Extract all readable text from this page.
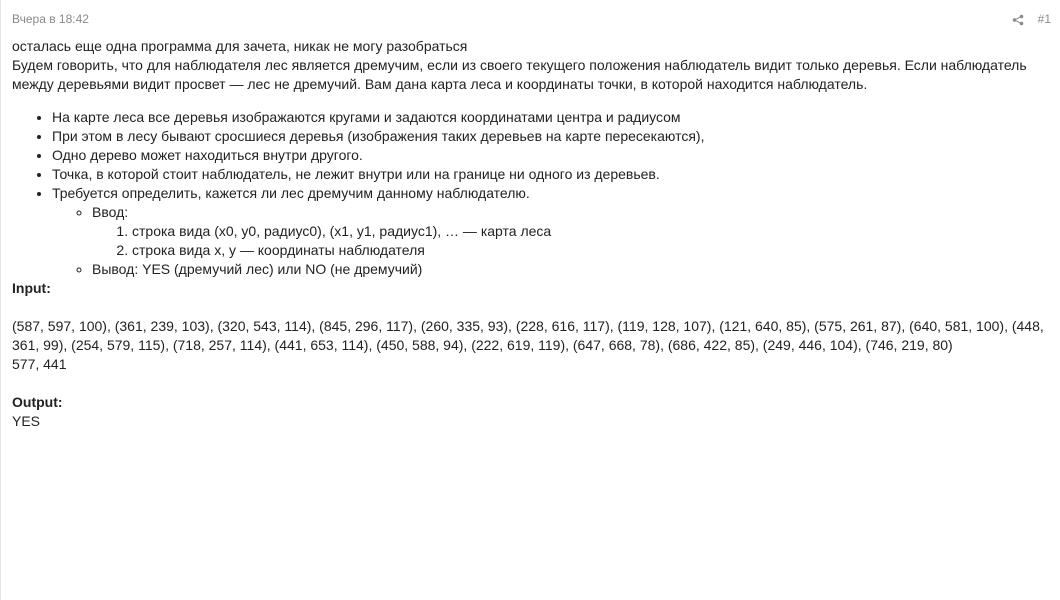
Вчера в 18:42	#1

осталась еще одна программа для зачета, никак не могу разобраться

Будем говорить, что для наблюдателя лес является дремучим, если из своего текущего положения наблюдатель видит только деревья. Если наблюдатель между деревьями видит просвет — лес не дремучий. Вам дана карта леса и координаты точки, в которой находится наблюдатель.

• На карте леса все деревья изображаются кругами и задаются координатами центра и радиусом
• При этом в лесу бывают сросшиеся деревья (изображения таких деревьев на карте пересекаются),
• Одно дерево может находиться внутри другого.
• Точка, в которой стоит наблюдатель, не лежит внутри или на границе ни одного из деревьев.
• Требуется определить, кажется ли лес дремучим данному наблюдателю.
◦ Ввод:
1. строка вида (x0, y0, радиус0), (x1, y1, радиус1), … — карта леса
2. строка вида x, y — координаты наблюдателя
◦ Вывод: YES (дремучий лес) или NO (не дремучий)

Input:

(587, 597, 100), (361, 239, 103), (320, 543, 114), (845, 296, 117), (260, 335, 93), (228, 616, 117), (119, 128, 107), (121, 640, 85), (575, 261, 87), (640, 581, 100), (448, 361, 99), (254, 579, 115), (718, 257, 114), (441, 653, 114), (450, 588, 94), (222, 619, 119), (647, 668, 78), (686, 422, 85), (249, 446, 104), (746, 219, 80)

577, 441

Output:

YES
